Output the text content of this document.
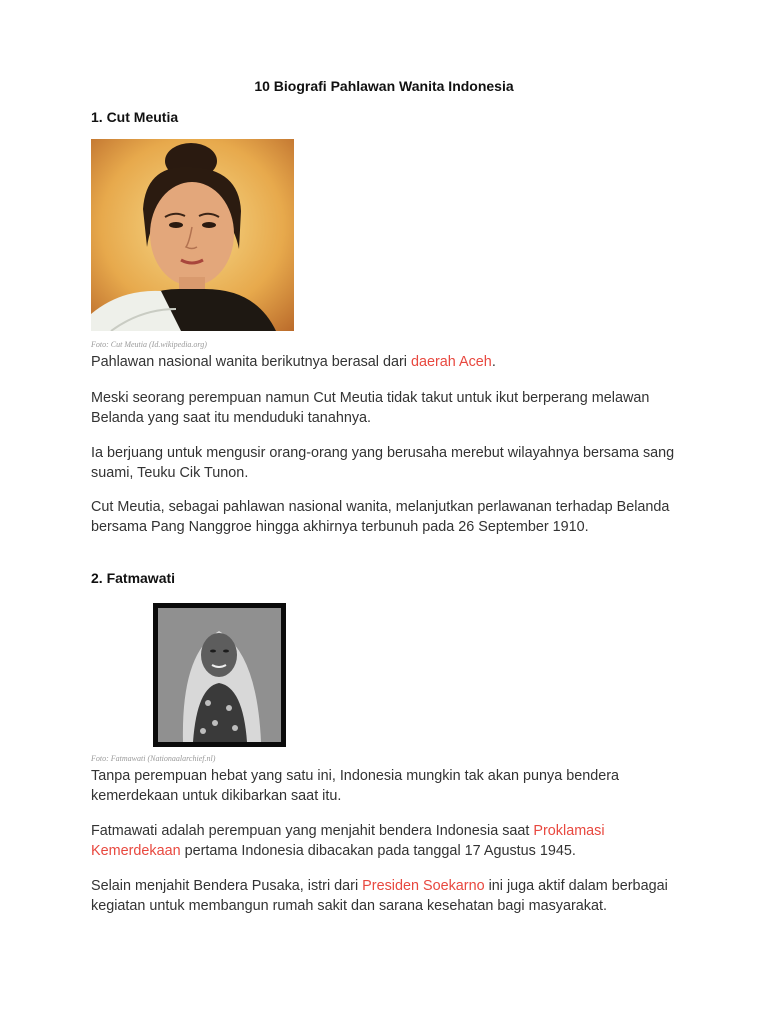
10 Biografi Pahlawan Wanita Indonesia
1. Cut Meutia
Foto: Cut Meutia (Id.wikipedia.org)
Pahlawan nasional wanita berikutnya berasal dari daerah Aceh.
Meski seorang perempuan namun Cut Meutia tidak takut untuk ikut berperang melawan Belanda yang saat itu menduduki tanahnya.
Ia berjuang untuk mengusir orang-orang yang berusaha merebut wilayahnya bersama sang suami, Teuku Cik Tunon.
Cut Meutia, sebagai pahlawan nasional wanita, melanjutkan perlawanan terhadap Belanda bersama Pang Nanggroe hingga akhirnya terbunuh pada 26 September 1910.
2. Fatmawati
Foto: Fatmawati (Nationaalarchief.nl)
Tanpa perempuan hebat yang satu ini, Indonesia mungkin tak akan punya bendera kemerdekaan untuk dikibarkan saat itu.
Fatmawati adalah perempuan yang menjahit bendera Indonesia saat Proklamasi Kemerdekaan pertama Indonesia dibacakan pada tanggal 17 Agustus 1945.
Selain menjahit Bendera Pusaka, istri dari Presiden Soekarno ini juga aktif dalam berbagai kegiatan untuk membangun rumah sakit dan sarana kesehatan bagi masyarakat.
